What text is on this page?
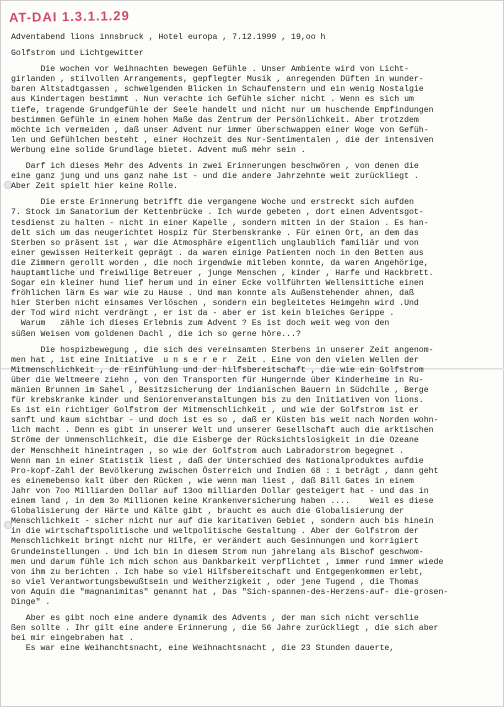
AT-DAI 1.3.1.1.29
Adventabend lions innsbruck , Hotel europa , 7.12.1999 , 19,oo h
Golfstrom und Lichtgewitter
Die wochen vor Weihnachten bewegen Gefühle . Unser Ambiente wird von Licht-
girlanden , stilvollen Arrangements, gepflegter Musik , anregenden Düften in wunder-
baren Altstadtgassen , schwelgenden Blicken in Schaufenstern und ein wenig Nostalgie
aus Kindertagen bestimmt . Nun verachte ich Gefühle sicher nicht . Wenn es sich um
tiefe, tragende Grundgefühle der Seele handelt und nicht nur um huschende Empfindungen
bestimmen Gefühle in einem hohen Maße das Zentrum der Persönlichkeit. Aber trotzdem
möchte ich vermeiden , daß unser Advent nur immer überschwappen einer Woge von Gefüh-
len und Gefühlchen besteht , einer Hochzeit des Nur-Sentimentalen , die der intensiven
Werbung eine solide Grundlage bietet. Advent muß mehr sein .
Darf ich dieses Mehr des Advents in zwei Erinnerungen beschwören , von denen die
eine ganz jung und uns ganz nahe ist - und die andere Jahrzehnte weit zurückliegt .
Aber Zeit spielt hier keine Rolle.
Die erste Erinnerung betrifft die vergangene Woche und erstreckt sich aufden
7. Stock im Sanatorium der Kettenbrücke . Ich wurde gebeten , dort einen Adventsgot-
tesdienst zu halten - nicht in einer Kapelle , sondern mitten in der Staion . Es han-
delt sich um das neugerichtet Hospiz für Sterbenskranke . Für einen Ort, an dem das
Sterben so präsent ist , war die Atmosphäre eigentlich unglaublich familiär und von
einer gewissen Heiterkeit geprägt . da waren einige Patienten noch in den Betten aus
die Zimmern gerollt worden , die noch irgendwie mitleben konnte, da waren Angehörige,
hauptamtliche und freiwilige Betreuer , junge Menschen , kinder , Harfe und Hackbrett.
Sogar ein kleiner hund lief herum und in einer Ecke vollführten Wellensittiche einen
fröhlichen lärm Es war wie zu Hause . Und man konnte als Außenstehender ahnen, daß
hier Sterben nicht einsames Verlöschen , sondern ein begleitetes Heimgehn wird .Und
der Tod wird nicht verdrängt , er ist da - aber er ist kein bleiches Gerippe .
Warum   zähle ich dieses Erlebnis zum Advent ? Es ist doch weit weg von den
süßen Weisen vom goldenen Dachl , die ich so gerne höre...?
Die hospizbewegung , die sich des vereinsamten Sterbens in unserer Zeit angenom-
men hat , ist eine Initiative  u n s e r e r  Zeit . Eine von den vielen Wellen der
Mitmenschlichkeit , de rEinfühlung und der hilfsbereitschaft , die wie ein Golfstrom
über die Weltmeere ziehn , von den Transporten für Hungernde über Kinderheime in Ru-
mänien Brunnen im Sahel , Besitzsicherung der indianischen Bauern in Südchile , Berge
für krebskranke kinder und Seniorenveranstaltungen bis zu den Initiativen von lions.
Es ist ein richtiger Golfstrom der Mitmenschlichkeit , und wie der Golfstrom ist er
sanft und kaum sichtbar - und doch ist es so , daß er Küsten bis weit nach Norden wohn-
lich macht . Denn es gibt in unserer Welt und unserer Gesellschaft auch die arktischen
Ströme der Unmenschlichkeit, die die Eisberge der Rücksichtslosigkeit in die Ozeane
der Menschheit hineintragen , so wie der Golfstrom auch Labradorstrom begegnet .
Wenn man in einer Statistik liest , daß der Unterschied des Nationalproduktes aufdie
Pro-kopf-Zahl der Bevölkerung zwischen Österreich und Indien 68 : 1 beträgt , dann geht
es einemebenso kalt über den Rücken , wie wenn man liest , daß Bill Gates in einem
Jahr von 7oo Milliarden Dollar auf 13oo milliarden Dollar gesteigert hat - und das in
einem land , in dem 3o Millionen keine Krankenversicherung haben ....    Weil es diese
Globalisierung der Härte und Kälte gibt , braucht es auch die Globalisierung der
Menschlichkeit - sicher nicht nur auf die karitativen Gebiet , sondern auch bis hinein
in die wirtschaftspolitische und weltpolitische Gestaltung . Aber der Golfstrom der
Menschlichkeit bringt nicht nur Hilfe, er verändert auch Gesinnungen und korrigiert
Grundeinstellungen . Und ich bin in diesem Strom nun jahrelang als Bischof geschwom-
men und darum fühle ich mich schon aus Dankbarkeit verpflichtet , immer rund immer wiede
von ihm zu berichten . Ich habe so viel Hilfsbereitschaft und Entgegenkommen erlebt,
so viel Verantwortungsbewußtsein und Weitherzigkeit , oder jene Tugend , die Thomas
von Aquin die "magnanimitas" genannt hat , Das "Sich-spannen-des-Herzens-auf- die-grosen-
Dinge" .
Aber es gibt noch eine andere dynamik des Advents , der man sich nicht verschlie
ßen sollte . Ihr gilt eine andere Erinnerung , die 56 Jahre zurückliegt , die sich aber
bei mir eingebraben hat .
Es war eine Weihanchtsnacht, eine Weihnachtsnacht , die 23 Stunden dauerte,
